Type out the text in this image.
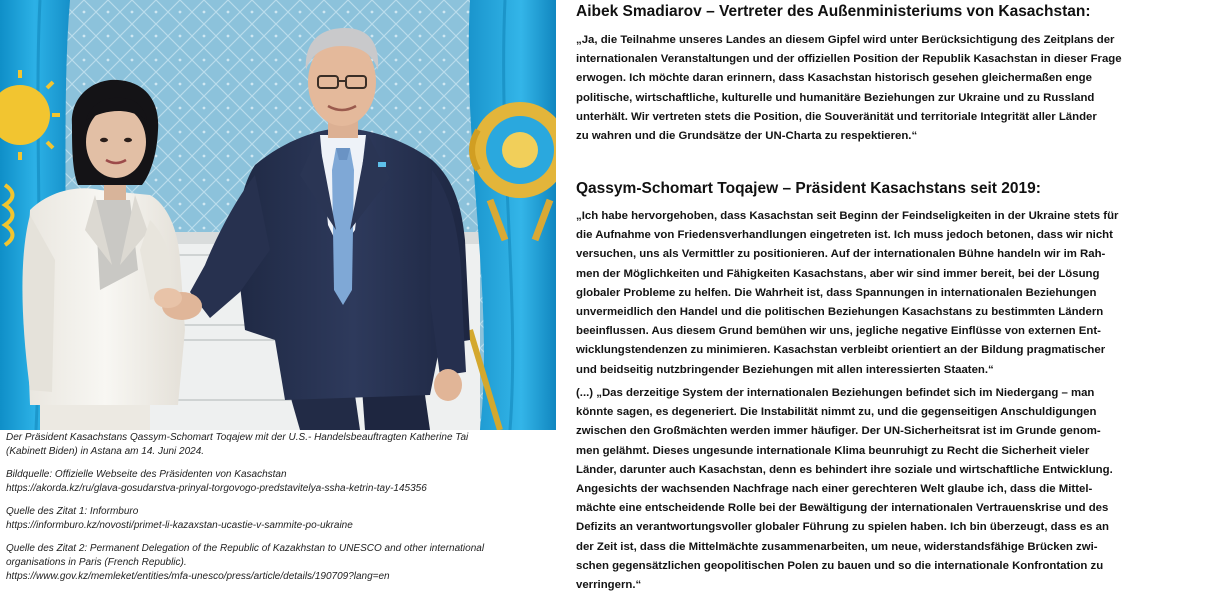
Der Präsident Kasachstans Qassym-Schomart Toqajew mit der U.S.- Handelsbeauftragten Katherine Tai
(Kabinett Biden) in Astana am 14. Juni 2024.
Bildquelle: Offizielle Webseite des Präsidenten von Kasachstan
https://akorda.kz/ru/glava-gosudarstva-prinyal-torgovogo-predstavitelya-ssha-ketrin-tay-145356
Quelle des Zitat 1: Informburo
https://informburo.kz/novosti/primet-li-kazaxstan-ucastie-v-sammite-po-ukraine
Quelle des Zitat 2: Permanent Delegation of the Republic of Kazakhstan to UNESCO and other international
organisations in Paris (French Republic).
https://www.gov.kz/memleket/entities/mfa-unesco/press/article/details/190709?lang=en
Aibek Smadiarov – Vertreter des Außenministeriums von Kasachstan:
„Ja, die Teilnahme unseres Landes an diesem Gipfel wird unter Berücksichtigung des Zeitplans der
internationalen Veranstaltungen und der offiziellen Position der Republik Kasachstan in dieser Frage
erwogen. Ich möchte daran erinnern, dass Kasachstan historisch gesehen gleichermaßen enge
politische, wirtschaftliche, kulturelle und humanitäre Beziehungen zur Ukraine und zu Russland
unterhält. Wir vertreten stets die Position, die Souveränität und territoriale Integrität aller Länder
zu wahren und die Grundsätze der UN-Charta zu respektieren.“
Qassym-Schomart Toqajew – Präsident Kasachstans seit 2019:
„Ich habe hervorgehoben, dass Kasachstan seit Beginn der Feindseligkeiten in der Ukraine stets für
die Aufnahme von Friedensverhandlungen eingetreten ist. Ich muss jedoch betonen, dass wir nicht
versuchen, uns als Vermittler zu positionieren. Auf der internationalen Bühne handeln wir im Rah-
men der Möglichkeiten und Fähigkeiten Kasachstans, aber wir sind immer bereit, bei der Lösung
globaler Probleme zu helfen. Die Wahrheit ist, dass Spannungen in internationalen Beziehungen
unvermeidlich den Handel und die politischen Beziehungen Kasachstans zu bestimmten Ländern
beeinflussen. Aus diesem Grund bemühen wir uns, jegliche negative Einflüsse von externen Ent-
wicklungstendenzen zu minimieren. Kasachstan verbleibt orientiert an der Bildung pragmatischer
und beidseitig nutzbringender Beziehungen mit allen interessierten Staaten.“
(...) „Das derzeitige System der internationalen Beziehungen befindet sich im Niedergang – man
könnte sagen, es degeneriert. Die Instabilität nimmt zu, und die gegenseitigen Anschuldigungen
zwischen den Großmächten werden immer häufiger. Der UN-Sicherheitsrat ist im Grunde genom-
men gelähmt. Dieses ungesunde internationale Klima beunruhigt zu Recht die Sicherheit vieler
Länder, darunter auch Kasachstan, denn es behindert ihre soziale und wirtschaftliche Entwicklung.
Angesichts der wachsenden Nachfrage nach einer gerechteren Welt glaube ich, dass die Mittel-
mächte eine entscheidende Rolle bei der Bewältigung der internationalen Vertrauenskrise und des
Defizits an verantwortungsvoller globaler Führung zu spielen haben. Ich bin überzeugt, dass es an
der Zeit ist, dass die Mittelmächte zusammenarbeiten, um neue, widerstandsfähige Brücken zwi-
schen gegensätzlichen geopolitischen Polen zu bauen und so die internationale Konfrontation zu
verringern.“
